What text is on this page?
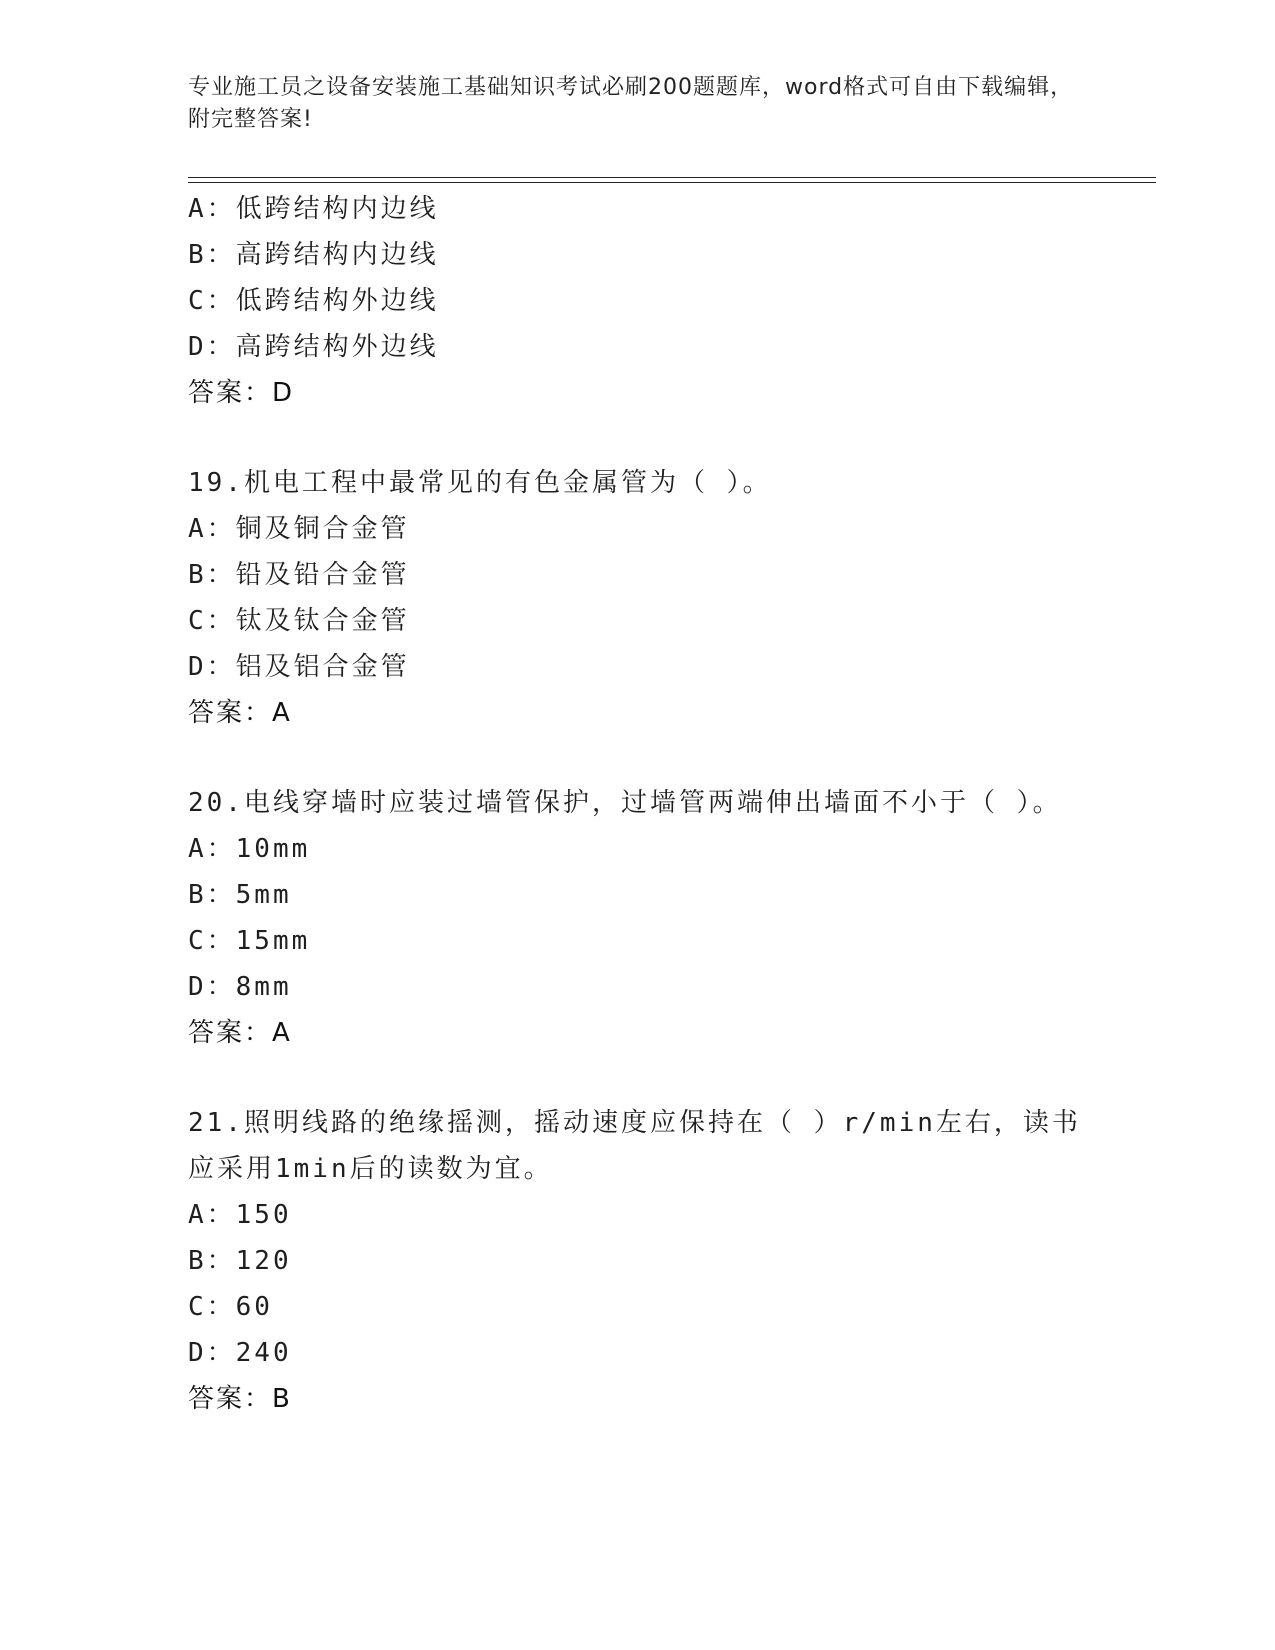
专业施工员之设备安装施工基础知识考试必刷200题题库，word格式可自由下载编辑，附完整答案!
A：低跨结构内边线
B：高跨结构内边线
C：低跨结构外边线
D：高跨结构外边线
答案：D
19.机电工程中最常见的有色金属管为（ ）。
A：铜及铜合金管
B：铅及铅合金管
C：钛及钛合金管
D：铝及铝合金管
答案：A
20.电线穿墙时应装过墙管保护，过墙管两端伸出墙面不小于（ ）。
A：10mm
B：5mm
C：15mm
D：8mm
答案：A
21.照明线路的绝缘摇测，摇动速度应保持在（ ）r/min左右，读书应采用1min后的读数为宜。
A：150
B：120
C：60
D：240
答案：B
